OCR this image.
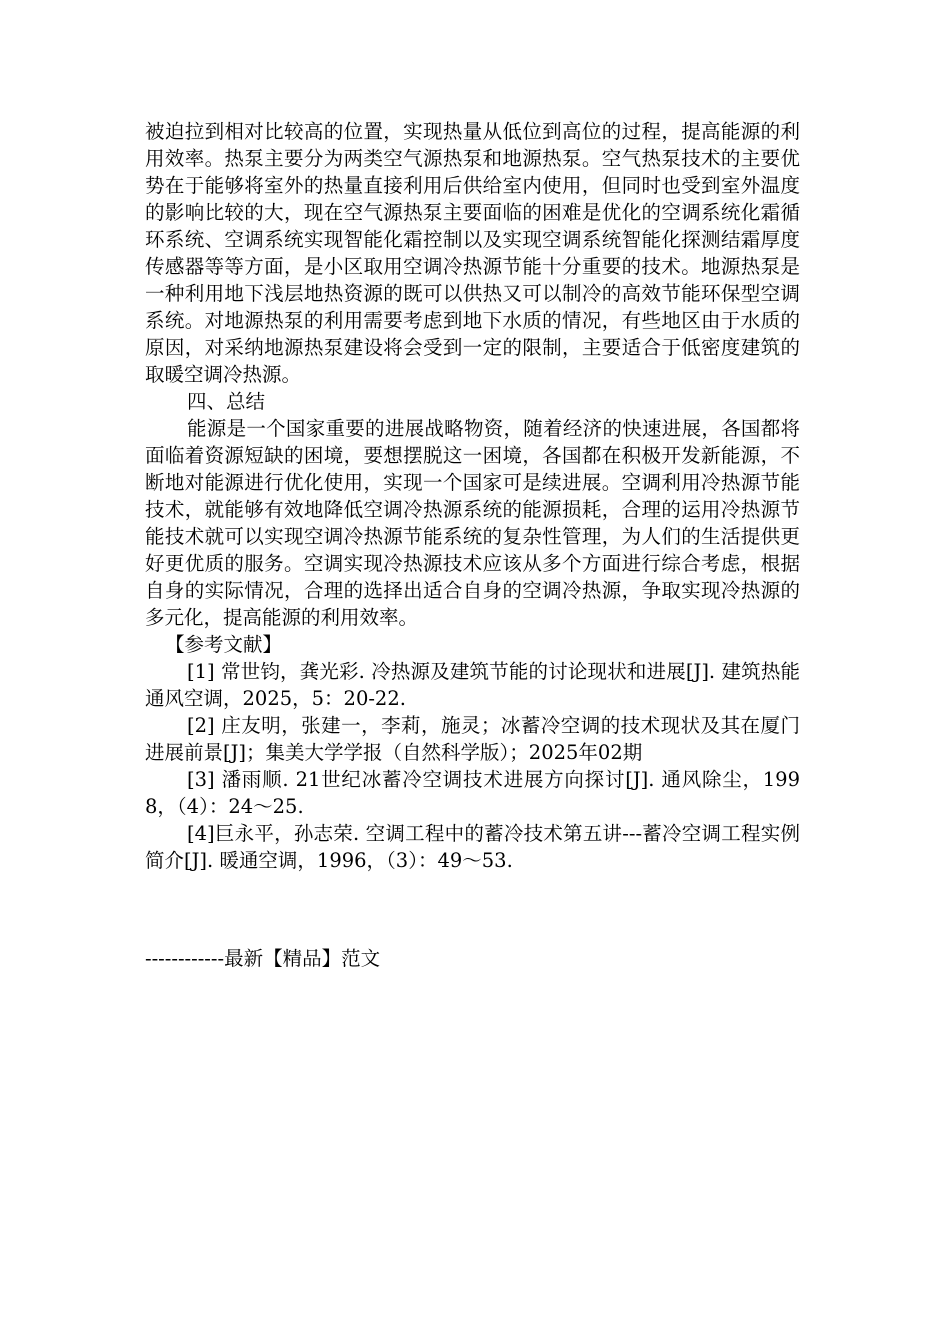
被迫拉到相对比较高的位置，实现热量从低位到高位的过程，提高能源的利用效率。热泵主要分为两类空气源热泵和地源热泵。空气热泵技术的主要优势在于能够将室外的热量直接利用后供给室内使用，但同时也受到室外温度的影响比较的大，现在空气源热泵主要面临的困难是优化的空调系统化霜循环系统、空调系统实现智能化霜控制以及实现空调系统智能化探测结霜厚度传感器等等方面，是小区取用空调冷热源节能十分重要的技术。地源热泵是一种利用地下浅层地热资源的既可以供热又可以制冷的高效节能环保型空调系统。对地源热泵的利用需要考虑到地下水质的情况，有些地区由于水质的原因，对采纳地源热泵建设将会受到一定的限制，主要适合于低密度建筑的取暖空调冷热源。

四、总结

能源是一个国家重要的进展战略物资，随着经济的快速进展，各国都将面临着资源短缺的困境，要想摆脱这一困境，各国都在积极开发新能源，不断地对能源进行优化使用，实现一个国家可是续进展。空调利用冷热源节能技术，就能够有效地降低空调冷热源系统的能源损耗，合理的运用冷热源节能技术就可以实现空调冷热源节能系统的复杂性管理，为人们的生活提供更好更优质的服务。空调实现冷热源技术应该从多个方面进行综合考虑，根据自身的实际情况，合理的选择出适合自身的空调冷热源，争取实现冷热源的多元化，提高能源的利用效率。

【参考文献】

[1] 常世钧，龚光彩. 冷热源及建筑节能的讨论现状和进展[J]. 建筑热能通风空调，2025，5：20-22.

[2] 庄友明，张建一，李莉，施灵；冰蓄冷空调的技术现状及其在厦门进展前景[J]；集美大学学报（自然科学版）；2025年02期

[3] 潘雨顺. 21世纪冰蓄冷空调技术进展方向探讨[J]. 通风除尘，1998，（4）：24～25.

[4]巨永平，孙志荣. 空调工程中的蓄冷技术第五讲---蓄冷空调工程实例简介[J]. 暖通空调，1996，（3）：49～53.

------------最新【精品】范文
